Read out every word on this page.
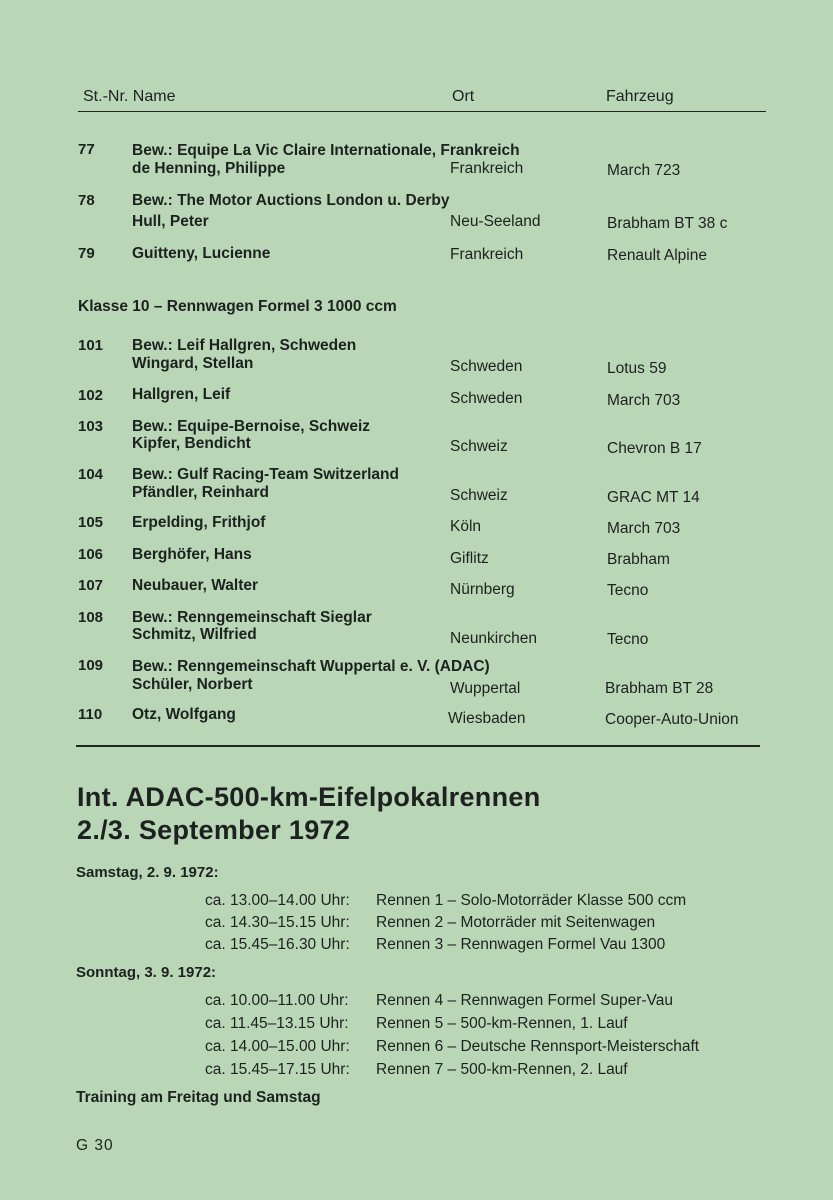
St.-Nr. Name	Ort	Fahrzeug
77 Bew.: Equipe La Vic Claire Internationale, Frankreich
de Henning, Philippe	Frankreich	March 723
78 Bew.: The Motor Auctions London u. Derby
Hull, Peter	Neu-Seeland	Brabham BT 38 c
79 Guitteny, Lucienne	Frankreich	Renault Alpine
Klasse 10 – Rennwagen Formel 3 1000 ccm
101 Bew.: Leif Hallgren, Schweden
Wingard, Stellan	Schweden	Lotus 59
102 Hallgren, Leif	Schweden	March 703
103 Bew.: Equipe-Bernoise, Schweiz
Kipfer, Bendicht	Schweiz	Chevron B 17
104 Bew.: Gulf Racing-Team Switzerland
Pfändler, Reinhard	Schweiz	GRAC MT 14
105 Erpelding, Frithjof	Köln	March 703
106 Berghöfer, Hans	Giflitz	Brabham
107 Neubauer, Walter	Nürnberg	Tecno
108 Bew.: Renngemeinschaft Sieglar
Schmitz, Wilfried	Neunkirchen	Tecno
109 Bew.: Renngemeinschaft Wuppertal e. V. (ADAC)
Schüler, Norbert	Wuppertal	Brabham BT 28
110 Otz, Wolfgang	Wiesbaden	Cooper-Auto-Union
Int. ADAC-500-km-Eifelpokalrennen
2./3. September 1972
Samstag, 2. 9. 1972:
ca. 13.00–14.00 Uhr: Rennen 1 – Solo-Motorräder Klasse 500 ccm
ca. 14.30–15.15 Uhr: Rennen 2 – Motorräder mit Seitenwagen
ca. 15.45–16.30 Uhr: Rennen 3 – Rennwagen Formel Vau 1300
Sonntag, 3. 9. 1972:
ca. 10.00–11.00 Uhr: Rennen 4 – Rennwagen Formel Super-Vau
ca. 11.45–13.15 Uhr: Rennen 5 – 500-km-Rennen, 1. Lauf
ca. 14.00–15.00 Uhr: Rennen 6 – Deutsche Rennsport-Meisterschaft
ca. 15.45–17.15 Uhr: Rennen 7 – 500-km-Rennen, 2. Lauf
Training am Freitag und Samstag
G 30
